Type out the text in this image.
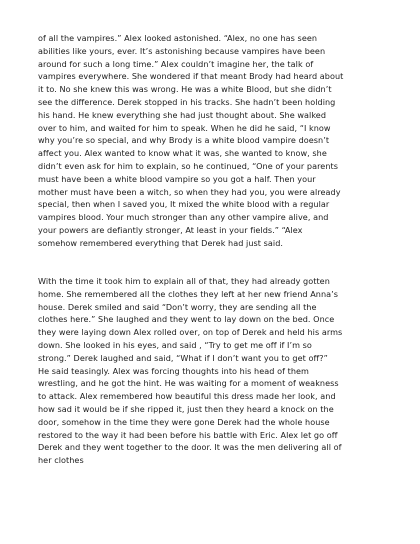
of all the vampires.” Alex looked astonished. “Alex, no one has seen
abilities like yours, ever. It’s astonishing because vampires have been
around for such a long time.” Alex couldn’t imagine her, the talk of
vampires everywhere. She wondered if that meant Brody had heard about
it to. No she knew this was wrong. He was a white Blood, but she didn’t
see the difference. Derek stopped in his tracks. She hadn’t been holding
his hand. He knew everything she had just thought about. She walked
over to him, and waited for him to speak. When he did he said, “I know
why you’re so special, and why Brody is a white blood vampire doesn’t
affect you. Alex wanted to know what it was, she wanted to know, she
didn’t even ask for him to explain, so he continued, “One of your parents
must have been a white blood vampire so you got a half. Then your
mother must have been a witch, so when they had you, you were already
special, then when I saved you, It mixed the white blood with a regular
vampires blood. Your much stronger than any other vampire alive, and
your powers are defiantly stronger, At least in your fields.” “Alex
somehow remembered everything that Derek had just said.
With the time it took him to explain all of that, they had already gotten
home. She remembered all the clothes they left at her new friend Anna’s
house. Derek smiled and said “Don’t worry, they are sending all the
clothes here.” She laughed and they went to lay down on the bed. Once
they were laying down Alex rolled over, on top of Derek and held his arms
down. She looked in his eyes, and said , “Try to get me off if I’m so
strong.” Derek laughed and said, “What if I don’t want you to get off?”
He said teasingly. Alex was forcing thoughts into his head of them
wrestling, and he got the hint. He was waiting for a moment of weakness
to attack. Alex remembered how beautiful this dress made her look, and
how sad it would be if she ripped it, just then they heard a knock on the
door, somehow in the time they were gone Derek had the whole house
restored to the way it had been before his battle with Eric. Alex let go off
Derek and they went together to the door. It was the men delivering all of
her clothes
